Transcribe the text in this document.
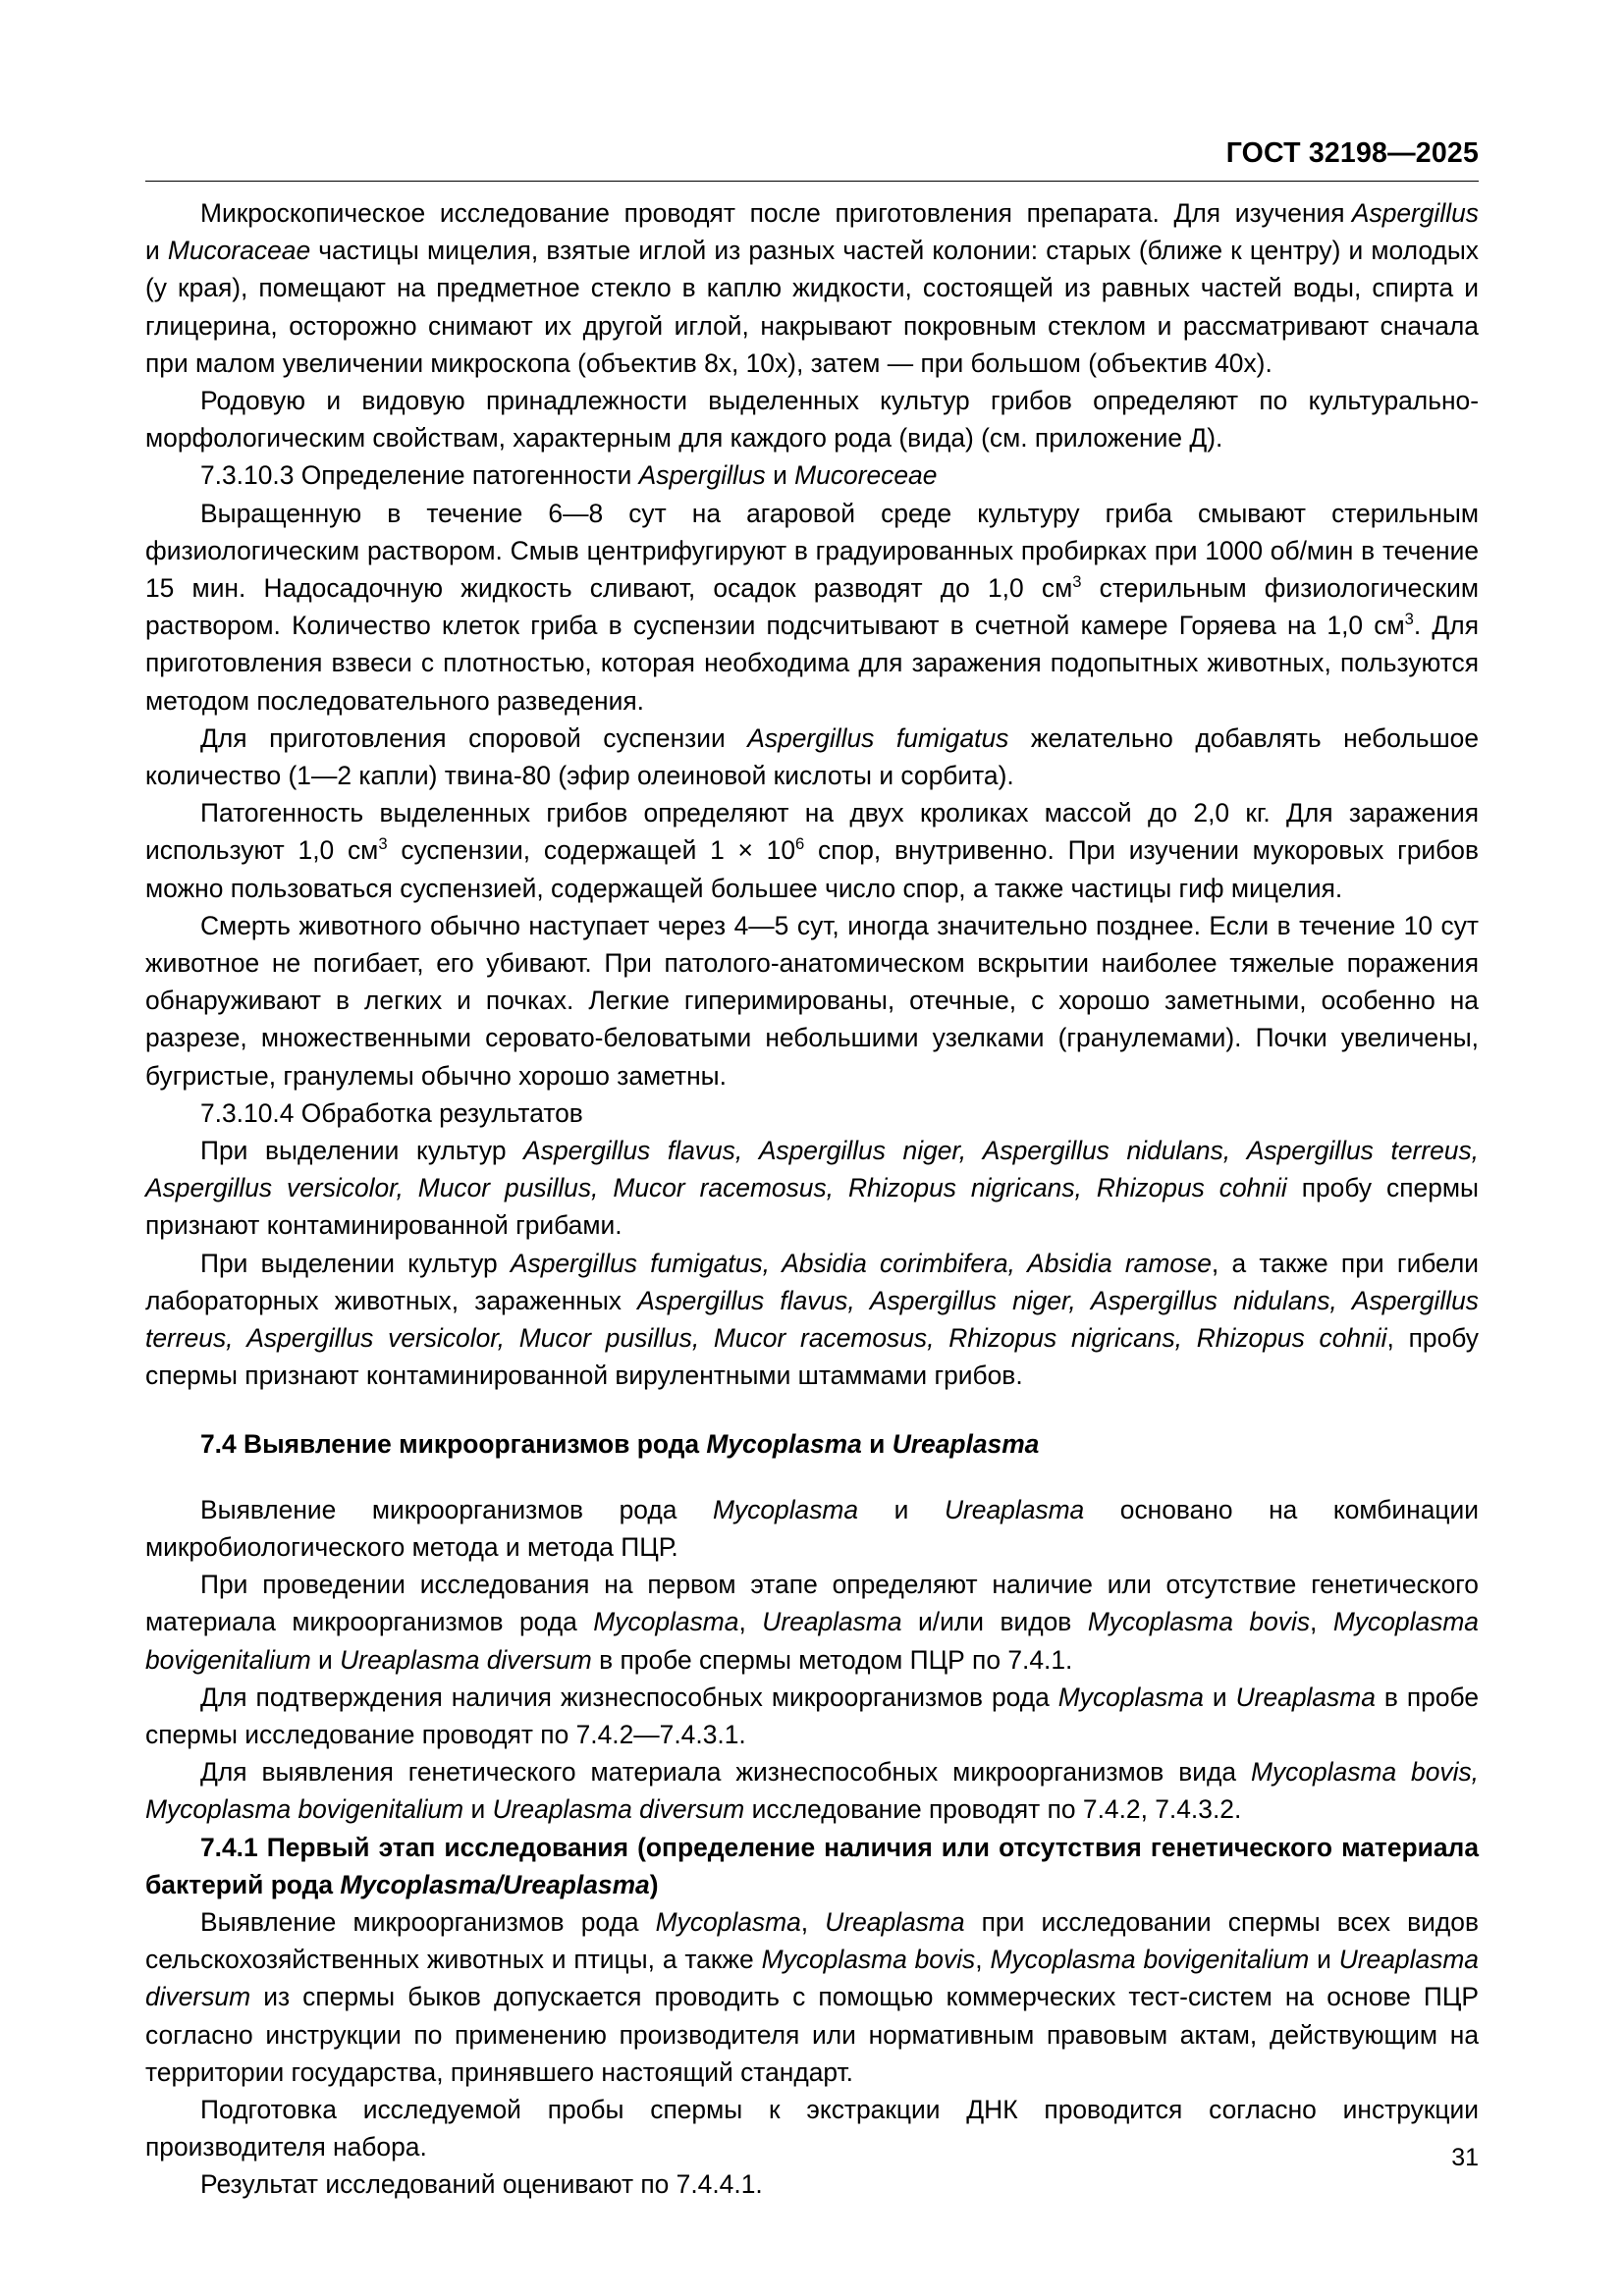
ГОСТ 32198—2025

Микроскопическое  исследование  проводят  после  приготовления  препарата.  Для  изучения Aspergillus и Mucoraceae частицы мицелия, взятые иглой из разных частей колонии: старых (ближе к центру) и молодых (у края), помещают на предметное стекло в каплю жидкости, состоящей из равных частей воды, спирта и глицерина, осторожно снимают их другой иглой, накрывают покровным стеклом и рассматривают сначала при малом увеличении микроскопа (объектив 8х, 10х), затем — при большом (объектив 40х).

Родовую и видовую принадлежности выделенных культур грибов определяют по культурально-морфологическим свойствам, характерным для каждого рода (вида) (см. приложение Д).

7.3.10.3 Определение патогенности Aspergillus и Mucoreceae

Выращенную в течение 6—8 сут на агаровой среде культуру гриба смывают стерильным физиологическим раствором. Смыв центрифугируют в градуированных пробирках при 1000 об/мин в течение 15 мин. Надосадочную жидкость сливают, осадок разводят до 1,0 $см^3$ стерильным физиологическим раствором. Количество клеток гриба в суспензии подсчитывают в счетной камере Горяева на 1,0 $см^3$. Для приготовления взвеси с плотностью, которая необходима для заражения подопытных животных, пользуются методом последовательного разведения.

Для приготовления споровой суспензии Aspergillus fumigatus желательно добавлять небольшое количество (1—2 капли) твина-80 (эфир олеиновой кислоты и сорбита).

Патогенность выделенных грибов определяют на двух кроликах массой до 2,0 кг. Для заражения используют 1,0 $см^3$ суспензии, содержащей $1 \times 10^6$ спор, внутривенно. При изучении мукоровых грибов можно пользоваться суспензией, содержащей большее число спор, а также частицы гиф мицелия.

Смерть животного обычно наступает через 4—5 сут, иногда значительно позднее. Если в течение 10 сут животное не погибает, его убивают. При патолого-анатомическом вскрытии наиболее тяжелые поражения обнаруживают в легких и почках. Легкие гиперимированы, отечные, с хорошо заметными, особенно на разрезе, множественными серовато-беловатыми небольшими узелками (гранулемами). Почки увеличены, бугристые, гранулемы обычно хорошо заметны.

7.3.10.4 Обработка результатов

При выделении культур Aspergillus flavus, Aspergillus niger, Aspergillus nidulans, Aspergillus terreus, Aspergillus versicolor, Mucor pusillus, Mucor racemosus, Rhizopus nigricans, Rhizopus cohnii пробу спермы признают контаминированной грибами.

При выделении культур Aspergillus fumigatus, Absidia corimbifera, Absidia ramose, а также при гибели лабораторных животных, зараженных Aspergillus flavus, Aspergillus niger, Aspergillus nidulans, Aspergillus terreus, Aspergillus versicolor, Mucor pusillus, Mucor racemosus, Rhizopus nigricans, Rhizopus cohnii, пробу спермы признают контаминированной вирулентными штаммами грибов.

7.4 Выявление микроорганизмов рода Mycoplasma и Ureaplasma

Выявление микроорганизмов рода Mycoplasma и Ureaplasma основано на комбинации микробиологического метода и метода ПЦР.

При проведении исследования на первом этапе определяют наличие или отсутствие генетического материала микроорганизмов рода Mycoplasma, Ureaplasma и/или видов Mycoplasma bovis, Mycoplasma bovigenitalium и Ureaplasma diversum в пробе спермы методом ПЦР по 7.4.1.

Для подтверждения наличия жизнеспособных микроорганизмов рода Mycoplasma и Ureaplasma в пробе спермы исследование проводят по 7.4.2—7.4.3.1.

Для выявления генетического материала жизнеспособных микроорганизмов вида Mycoplasma bovis, Mycoplasma bovigenitalium и Ureaplasma diversum исследование проводят по 7.4.2, 7.4.3.2.

7.4.1 Первый этап исследования (определение наличия или отсутствия генетического материала бактерий рода Mycoplasma/Ureaplasma)

Выявление микроорганизмов рода Mycoplasma, Ureaplasma при исследовании спермы всех видов сельскохозяйственных животных и птицы, а также Mycoplasma bovis, Mycoplasma bovigenitalium и Ureaplasma diversum из спермы быков допускается проводить с помощью коммерческих тест-систем на основе ПЦР согласно инструкции по применению производителя или нормативным правовым актам, действующим на территории государства, принявшего настоящий стандарт.

Подготовка исследуемой пробы спермы к экстракции ДНК проводится согласно инструкции производителя набора.

Результат исследований оценивают по 7.4.4.1.

31
